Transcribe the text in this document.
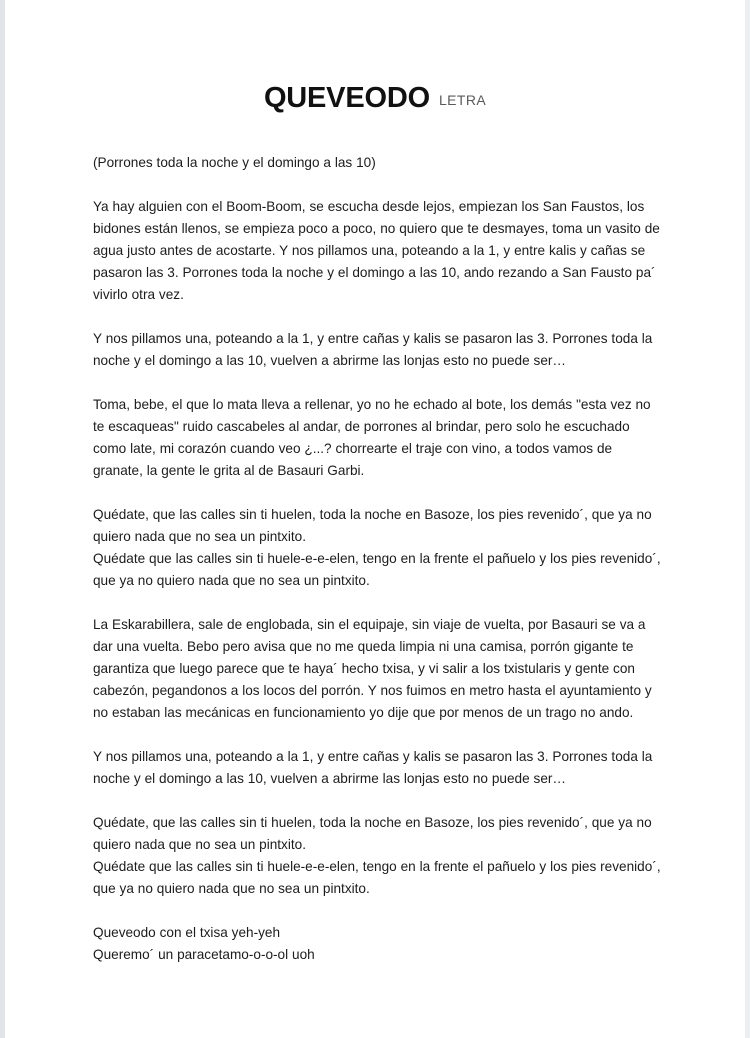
QUEVEODO LETRA

(Porrones toda la noche y el domingo a las 10)

Ya hay alguien con el Boom-Boom, se escucha desde lejos, empiezan los San Faustos, los bidones están llenos, se empieza poco a poco, no quiero que te desmayes, toma un vasito de agua justo antes de acostarte. Y nos pillamos una, poteando a la 1, y entre kalis y cañas se pasaron las 3. Porrones toda la noche y el domingo a las 10, ando rezando a San Fausto pa´ vivirlo otra vez.

Y nos pillamos una, poteando a la 1, y entre cañas y kalis se pasaron las 3. Porrones toda la noche y el domingo a las 10, vuelven a abrirme las lonjas esto no puede ser…

Toma, bebe, el que lo mata lleva a rellenar, yo no he echado al bote, los demás "esta vez no te escaqueas" ruido cascabeles al andar, de porrones al brindar, pero solo he escuchado como late, mi corazón cuando veo ¿...? chorrearte el traje con vino, a todos vamos de granate, la gente le grita al de Basauri Garbi.

Quédate, que las calles sin ti huelen, toda la noche en Basoze, los pies revenido´, que ya no quiero nada que no sea un pintxito.
Quédate que las calles sin ti huele-e-e-elen, tengo en la frente el pañuelo y los pies revenido´, que ya no quiero nada que no sea un pintxito.

La Eskarabillera, sale de englobada, sin el equipaje, sin viaje de vuelta, por Basauri se va a dar una vuelta. Bebo pero avisa que no me queda limpia ni una camisa, porrón gigante te garantiza que luego parece que te haya´ hecho txisa, y vi salir a los txistularis y gente con cabezón, pegandonos a los locos del porrón. Y nos fuimos en metro hasta el ayuntamiento y no estaban las mecánicas en funcionamiento yo dije que por menos de un trago no ando.

Y nos pillamos una, poteando a la 1, y entre cañas y kalis se pasaron las 3. Porrones toda la noche y el domingo a las 10, vuelven a abrirme las lonjas esto no puede ser…

Quédate, que las calles sin ti huelen, toda la noche en Basoze, los pies revenido´, que ya no quiero nada que no sea un pintxito.
Quédate que las calles sin ti huele-e-e-elen, tengo en la frente el pañuelo y los pies revenido´, que ya no quiero nada que no sea un pintxito.

Queveodo con el txisa yeh-yeh
Queremo´ un paracetamo-o-o-ol uoh
